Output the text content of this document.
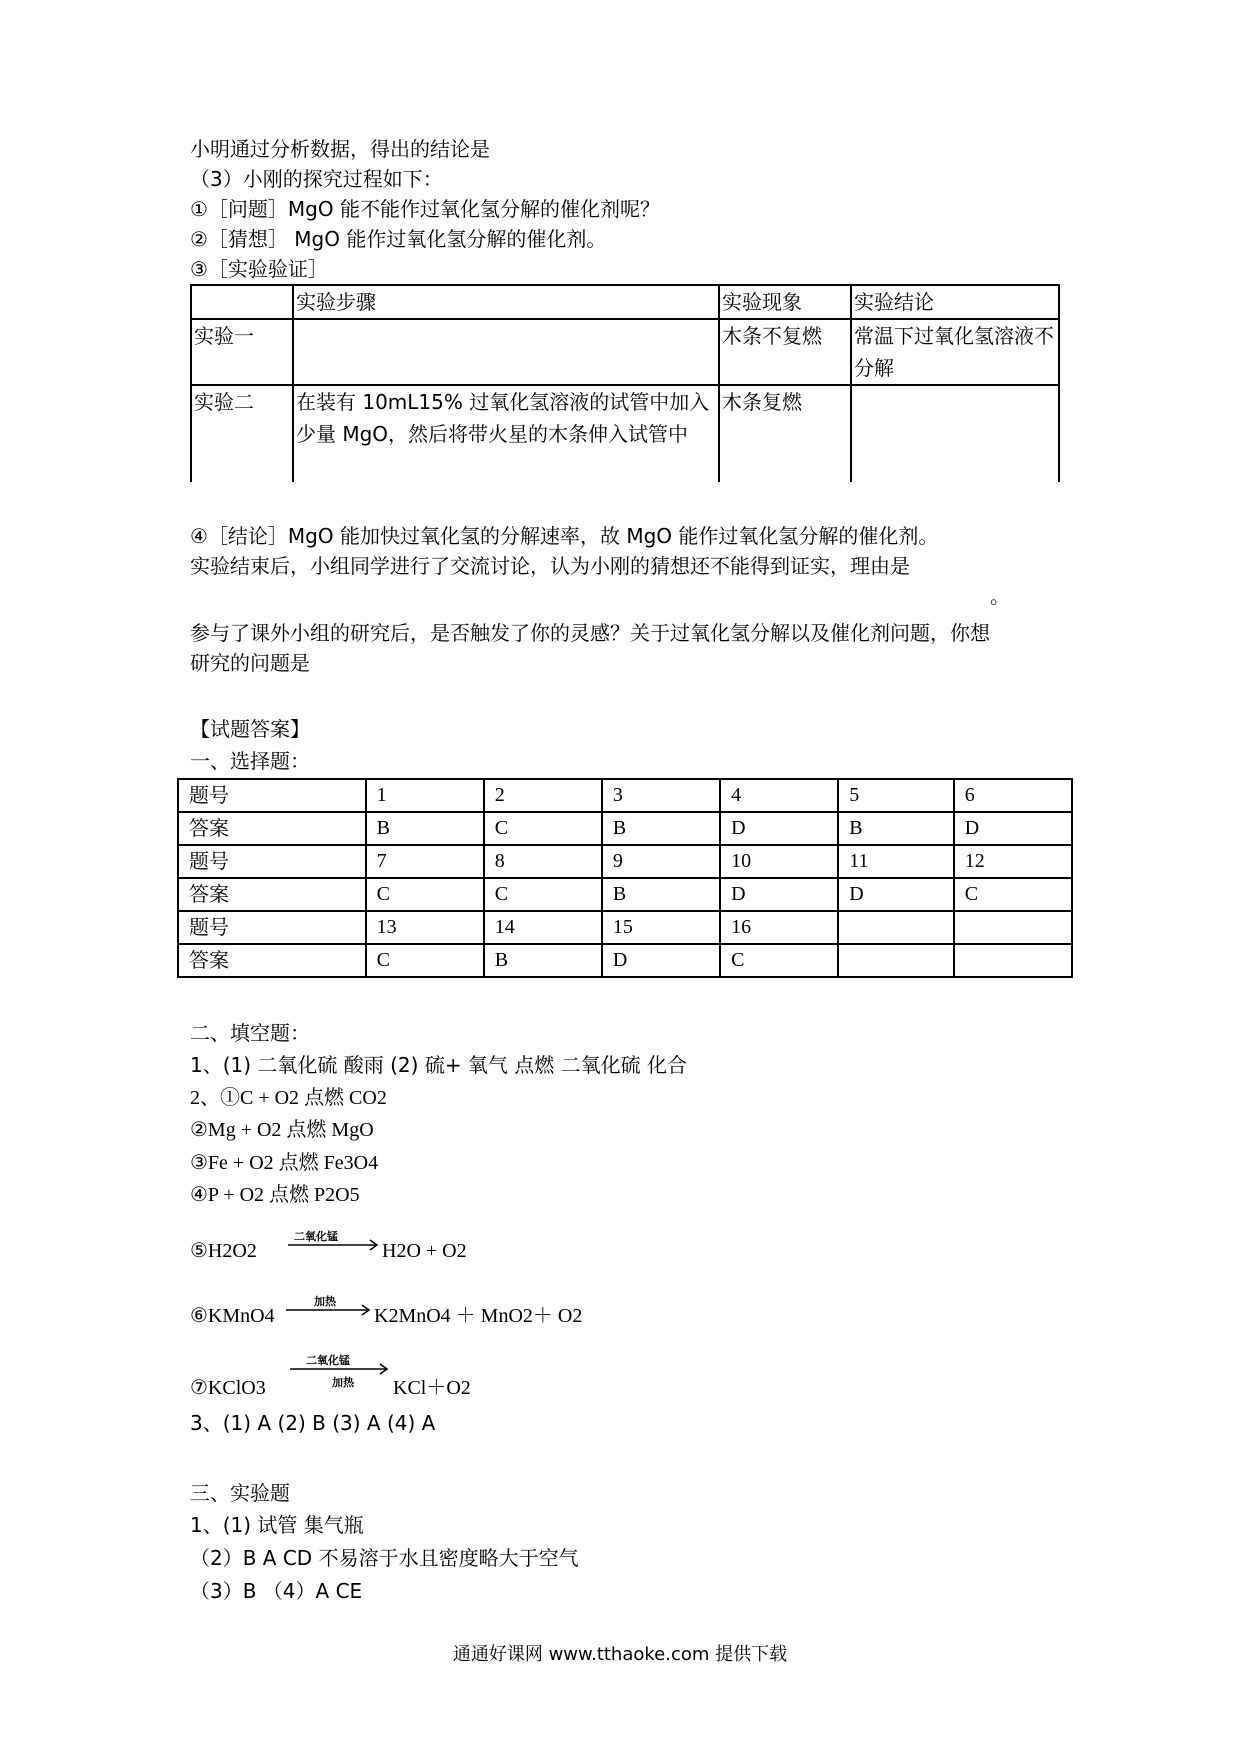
小明通过分析数据，得出的结论是
（3）小刚的探究过程如下：
①［问题］MgO 能不能作过氧化氢分解的催化剂呢？
②［猜想］ MgO 能作过氧化氢分解的催化剂。
③［实验验证］
	实验步骤	实验现象	实验结论
实验一		木条不复燃	常温下过氧化氢溶液不分解
实验二	在装有 10mL15% 过氧化氢溶液的试管中加入少量 MgO，然后将带火星的木条伸入试管中	木条复燃	
④［结论］MgO 能加快过氧化氢的分解速率，故 MgO 能作过氧化氢分解的催化剂。
实验结束后，小组同学进行了交流讨论，认为小刚的猜想还不能得到证实，理由是
。
参与了课外小组的研究后，是否触发了你的灵感？关于过氧化氢分解以及催化剂问题，你想
研究的问题是
【试题答案】
一、选择题：
题号	1	2	3	4	5	6
答案	B	C	B	D	B	D
题号	7	8	9	10	11	12
答案	C	C	B	D	D	C
题号	13	14	15	16		
答案	C	B	D	C		
二、填空题：
1、(1) 二氧化硫 酸雨 (2) 硫+ 氧气 点燃 二氧化硫 化合
2、①C + O2 点燃 CO2
②Mg + O2 点燃 MgO
③Fe + O2 点燃 Fe3O4
④P + O2 点燃 P2O5
⑤H2O2
二氧化锰
H2O + O2
⑥KMnO4
加热
K2MnO4 ＋ MnO2＋ O2
⑦KClO3
二氧化锰
加热 KCl＋O2
3、(1) A (2) B (3) A (4) A
三、实验题
1、(1) 试管 集气瓶
（2）B A CD 不易溶于水且密度略大于空气
（3）B （4）A CE
通通好课网 www.tthaoke.com 提供下载
